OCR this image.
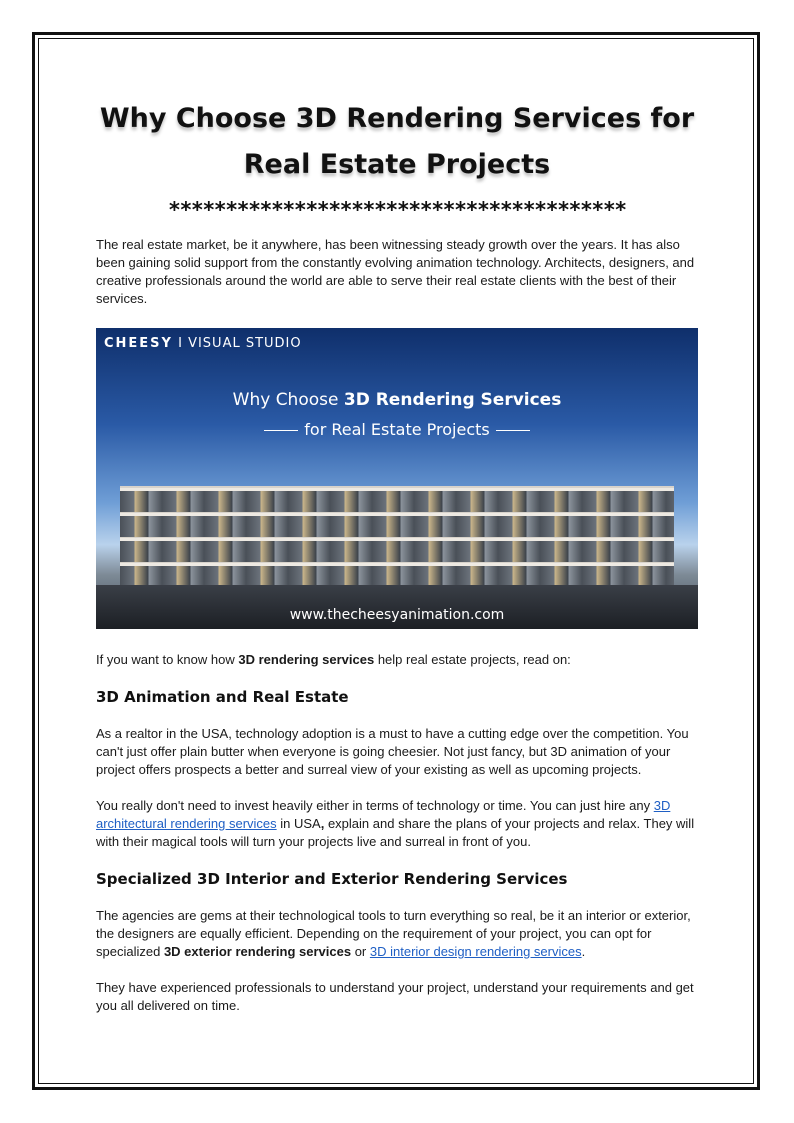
Why Choose 3D Rendering Services for Real Estate Projects
****************************************

The real estate market, be it anywhere, has been witnessing steady growth over the years. It has also been gaining solid support from the constantly evolving animation technology. Architects, designers, and creative professionals around the world are able to serve their real estate clients with the best of their services.

CHEESY I VISUAL STUDIO
Why Choose 3D Rendering Services
for Real Estate Projects
www.thecheesyanimation.com

If you want to know how 3D rendering services help real estate projects, read on:

3D Animation and Real Estate

As a realtor in the USA, technology adoption is a must to have a cutting edge over the competition. You can't just offer plain butter when everyone is going cheesier. Not just fancy, but 3D animation of your project offers prospects a better and surreal view of your existing as well as upcoming projects.

You really don't need to invest heavily either in terms of technology or time. You can just hire any 3D architectural rendering services in USA, explain and share the plans of your projects and relax. They will with their magical tools will turn your projects live and surreal in front of you.

Specialized 3D Interior and Exterior Rendering Services

The agencies are gems at their technological tools to turn everything so real, be it an interior or exterior, the designers are equally efficient. Depending on the requirement of your project, you can opt for specialized 3D exterior rendering services or 3D interior design rendering services.

They have experienced professionals to understand your project, understand your requirements and get you all delivered on time.
